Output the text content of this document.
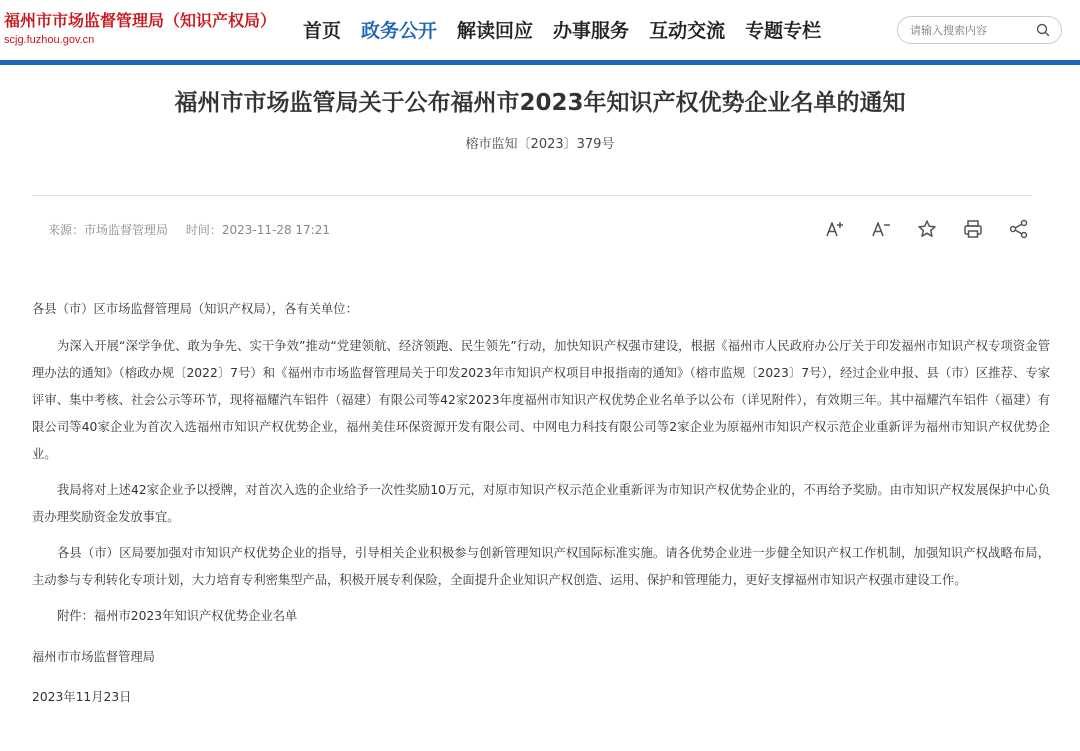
福州市市场监督管理局（知识产权局）
scjg.fuzhou.gov.cn	首页 政务公开 解读回应 办事服务 互动交流 专题专栏
请输入搜索内容
福州市市场监管局关于公布福州市2023年知识产权优势企业名单的通知
榕市监知〔2023〕379号
来源：市场监督管理局 时间：2023-11-28 17:21

各县（市）区市场监督管理局（知识产权局），各有关单位：

为深入开展“深学争优、敢为争先、实干争效”推动“党建领航、经济领跑、民生领先”行动，加快知识产权强市建设，根据《福州市人民政府办公厅关于印发福州市知识产权专项资金管理办法的通知》（榕政办规〔2022〕7号）和《福州市市场监督管理局关于印发2023年市知识产权项目申报指南的通知》（榕市监规〔2023〕7号），经过企业申报、县（市）区推荐、专家评审、集中考核、社会公示等环节，现将福耀汽车铝件（福建）有限公司等42家2023年度福州市知识产权优势企业名单予以公布（详见附件），有效期三年。其中福耀汽车铝件（福建）有限公司等40家企业为首次入选福州市知识产权优势企业，福州美佳环保资源开发有限公司、中网电力科技有限公司等2家企业为原福州市知识产权示范企业重新评为福州市知识产权优势企业。

我局将对上述42家企业予以授牌，对首次入选的企业给予一次性奖励10万元，对原市知识产权示范企业重新评为市知识产权优势企业的，不再给予奖励。由市知识产权发展保护中心负责办理奖励资金发放事宜。

各县（市）区局要加强对市知识产权优势企业的指导，引导相关企业积极参与创新管理知识产权国际标准实施。请各优势企业进一步健全知识产权工作机制，加强知识产权战略布局，主动参与专利转化专项计划，大力培育专利密集型产品，积极开展专利保险，全面提升企业知识产权创造、运用、保护和管理能力，更好支撑福州市知识产权强市建设工作。

附件：福州市2023年知识产权优势企业名单

福州市市场监督管理局

2023年11月23日
